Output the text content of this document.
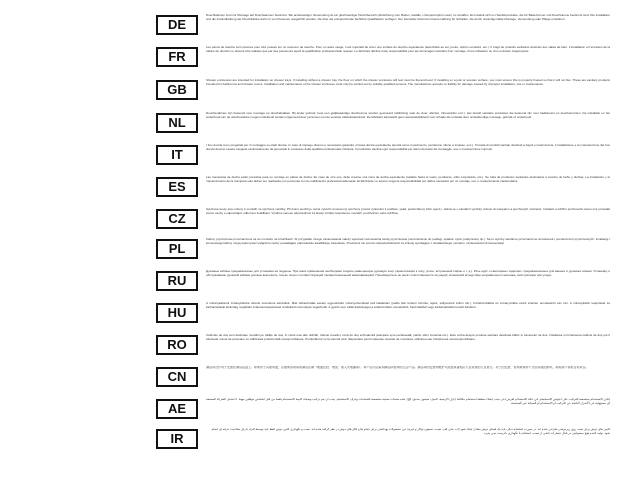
DE
Duschkabinen sind zur Montage auf Duschwannen bestimmt. Bei anderweitiger Verwendung ist ein gleichwertiger Duschbereich (Abdichtung zum Boden, Gefälle, Unterputzsiphon usw.) zu schaffen. Es handelt sich um Sanitärprodukte, die für Badezimmer und Duschräume bestimmt sind. Die Installation und die Instandhaltung der Duschkabine darf nur von Personen ausgeführt werden, die über die entsprechende fachliche Qualifikation verfügen. Der Hersteller übernimmt keine Haftung für Schäden, die durch unsachgemäße Montage, Verwendung oder Pflege entstehen.
FR
Les parois de douche sont prévues pour être posées sur un receveur de douche. Pour un autre usage, il est impératif de créer une surface de douche équivalente (étanchéité au sol, pente, siphon encastré, etc.). Il s'agit de produits sanitaires destinés aux salles de bain. L'installation et l'entretien de la cabine de douche ne doivent être réalisés que par des personnes ayant la qualification professionnelle requise. Le fabricant décline toute responsabilité pour les dommages résultant d'un montage, d'une utilisation ou d'un entretien inappropriés.
GB
Shower enclosures are intended for installation on shower trays. If installing without a shower tray, the floor on which the shower enclosure will rest must be flat and level. If installing on a joist or wooden surface, you must ensure this is properly braced so that it will not flex. These are sanitary products intended for bathrooms and shower rooms. Installation and maintenance of the shower enclosure must only be carried out by suitably qualified persons. The manufacturer accepts no liability for damage caused by improper installation, use or maintenance.
NL
Douchecabines zijn bestemd voor montage op douchebakken. Bij ander gebruik moet een gelijkwaardige douchezone worden gecreëerd (afdichting naar de vloer, afschot, inbouwsifon enz.). Het betreft sanitaire producten die bestemd zijn voor badkamers en doucheruimten. De installatie en het onderhoud van de douchecabine mogen uitsluitend worden uitgevoerd door personen met de vereiste vakbekwaamheid. De fabrikant aanvaardt geen aansprakelijkheid voor schade die ontstaat door ondeskundige montage, gebruik of onderhoud.
IT
I box doccia sono progettati per il montaggio su piatti doccia. In caso di impiego diverso è necessario garantire un'area doccia equivalente (tenuta verso il pavimento, pendenza, sifone a incasso, ecc.). Si tratta di prodotti sanitari destinati a bagni e locali doccia. L'installazione e la manutenzione del box doccia devono essere eseguite esclusivamente da personale in possesso della qualifica professionale richiesta. Il produttore declina ogni responsabilità per danni derivanti da montaggio, uso o manutenzione impropri.
ES
Las mamparas de ducha están previstas para su montaje en platos de ducha. En caso de otro uso, debe crearse una zona de ducha equivalente (sellado hacia el suelo, pendiente, sifón empotrado, etc.). Se trata de productos sanitarios destinados a cuartos de baño y duchas. La instalación y el mantenimiento de la mampara solo deben ser realizados por personas con la cualificación profesional adecuada. El fabricante no asume ninguna responsabilidad por daños causados por un montaje, uso o mantenimiento inadecuados.
CZ
Sprchové kouty jsou určeny k montáži na sprchové vaničky. Při jiném použití je nutné vytvořit rovnocenný sprchový prostor (utěsnění k podlaze, spád, podomítkový sifon apod.). Jedná se o sanitární výrobky určené do koupelen a sprchových místností. Instalaci a údržbu sprchového koutu smí provádět pouze osoby s odpovídající odbornou kvalifikací. Výrobce nenese odpovědnost za škody vzniklé nesprávnou montáží, používáním nebo údržbou.
PL
Kabiny prysznicowe przeznaczone są do montażu na brodzikach. W przypadku innego zastosowania należy wykonać równoważną strefę prysznicową (uszczelnienie do podłogi, spadek, syfon podtynkowy itp.). Są to wyroby sanitarne przeznaczone do łazienek i pomieszczeń prysznicowych. Instalację i konserwację kabiny mogą wykonywać wyłącznie osoby posiadające odpowiednie kwalifikacje zawodowe. Producent nie ponosi odpowiedzialności za szkody wynikające z niewłaściwego montażu, użytkowania lub konserwacji.
RU
Душевые кабины предназначены для установки на поддоны. При ином применении необходимо создать равноценную душевую зону (герметизация к полу, уклон, встроенный сифон и т. д.). Речь идёт о санитарных изделиях, предназначенных для ванных и душевых комнат. Установку и обслуживание душевой кабины должны выполнять только лица с соответствующей профессиональной квалификацией. Производитель не несёт ответственности за ущерб, возникший вследствие неправильного монтажа, эксплуатации или ухода.
HU
A zuhanykabinok zuhanytálcára történő szerelésre készültek. Más felhasználás esetén egyenértékű zuhanyzóterületet kell kialakítani (padló felé történő tömítés, lejtés, süllyesztett szifon stb.). Fürdőszobákba és zuhanyzókba szánt szaniter termékekről van szó. A zuhanykabin telepítését és karbantartását kizárólag megfelelő szakmai képesítéssel rendelkező személyek végezhetik. A gyártó nem vállal felelősséget a szakszerűtlen szerelésből, használatból vagy karbantartásból eredő károkért.
RO
Cabinele de duș sunt destinate montării pe cădițe de duș. În cazul unei alte utilizări, trebuie creată o zonă de duș echivalentă (etanșare spre pardoseală, pantă, sifon încastrat etc.). Este vorba despre produse sanitare destinate băilor și camerelor de duș. Instalarea și întreținerea cabinei de duș pot fi efectuate numai de persoane cu calificarea profesională corespunzătoare. Producătorul nu își asumă nicio răspundere pentru daunele cauzate de montarea, utilizarea sau întreținerea necorespunzătoare.
CN
淋浴房设计用于安装在淋浴底盘上。如果用于其他用途，必须建造同等的淋浴区域（地面密封、坡度、嵌入式地漏等）。本产品为浴室和淋浴间使用的卫浴产品。淋浴房的安装和维护只能由具备相应专业资质的人员进行。对于因安装、使用或保养不当而造成的损坏，制造商不承担任何责任。
AE
كبائن الاستحمام مخصصة للتركيب على أحواض الاستحمام. في حالة الاستخدام لغرض آخر، يجب إنشاء منطقة استحمام مكافئة (عزل الأرضية، الميل، سيفون مدمج، إلخ). هذه منتجات صحية مخصصة للحمامات وغرف الاستحمام. يجب أن يتم تركيب وصيانة كابينة الاستحمام فقط من قبل أشخاص مؤهلين مهنياً. لا تتحمل الشركة المصنعة أي مسؤولية عن الأضرار الناتجة عن التركيب أو الاستخدام أو الصيانة غير الصحيحة.
IR
کابین های دوش برای نصب روی زیردوشی طراحی شده اند. در صورت استفاده دیگر، باید یک فضای دوش معادل ایجاد شود (آب بندی کف، شیب، سیفون توکار و غیره). این محصولات بهداشتی برای حمام ها و اتاق های دوش در نظر گرفته شده اند. نصب و نگهداری کابین دوش فقط باید توسط افراد دارای صلاحیت حرفه ای انجام شود. تولید کننده هیچ مسئولیتی در قبال خسارات ناشی از نصب، استفاده یا نگهداری نادرست نمی پذیرد.
